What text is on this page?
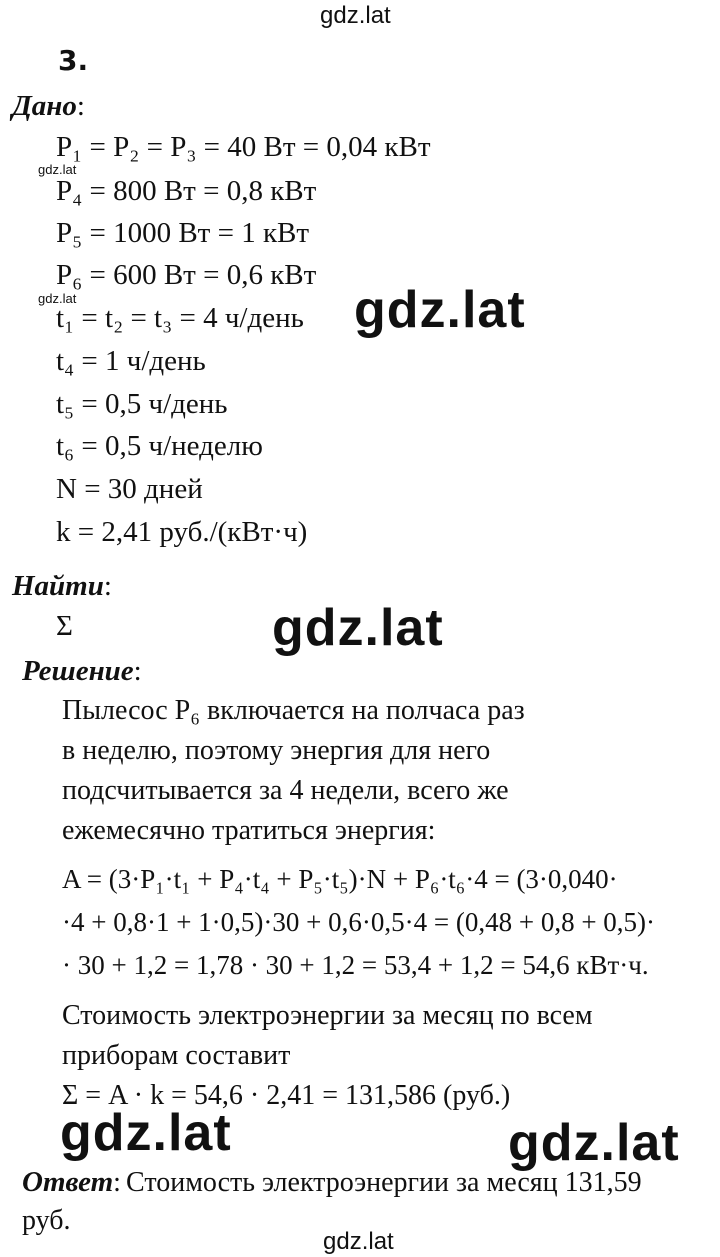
gdz.lat
3.
Дано:
P₁ = P₂ = P₃ = 40 Вт = 0,04 кВт
gdz.lat
P₄ = 800 Вт = 0,8 кВт
P₅ = 1000 Вт = 1 кВт
P₆ = 600 Вт = 0,6 кВт
gdz.lat
t₁ = t₂ = t₃ = 4 ч/день gdz.lat
t₄ = 1 ч/день
t₅ = 0,5 ч/день
t₆ = 0,5 ч/неделю
N = 30 дней
k = 2,41 руб./(кВт·ч)
Найти:
Σ	gdz.lat
Решение:
Пылесос P₆ включается на полчаса раз
в неделю, поэтому энергия для него
подсчитывается за 4 недели, всего же
ежемесячно тратиться энергия:
A = (3·P₁·t₁ + P₄·t₄ + P₅·t₅)·N + P₆·t₆·4 = (3·0,040·
·4 + 0,8·1 + 1·0,5)·30 + 0,6·0,5·4 = (0,48 + 0,8 + 0,5)·
· 30 + 1,2 = 1,78 · 30 + 1,2 = 53,4 + 1,2 = 54,6 кВт·ч.
Стоимость электроэнергии за месяц по всем
приборам составит
Σ = A · k = 54,6 · 2,41 = 131,586 (руб.)
gdz.lat	gdz.lat
Ответ: Стоимость электроэнергии за месяц 131,59
руб.
gdz.lat
